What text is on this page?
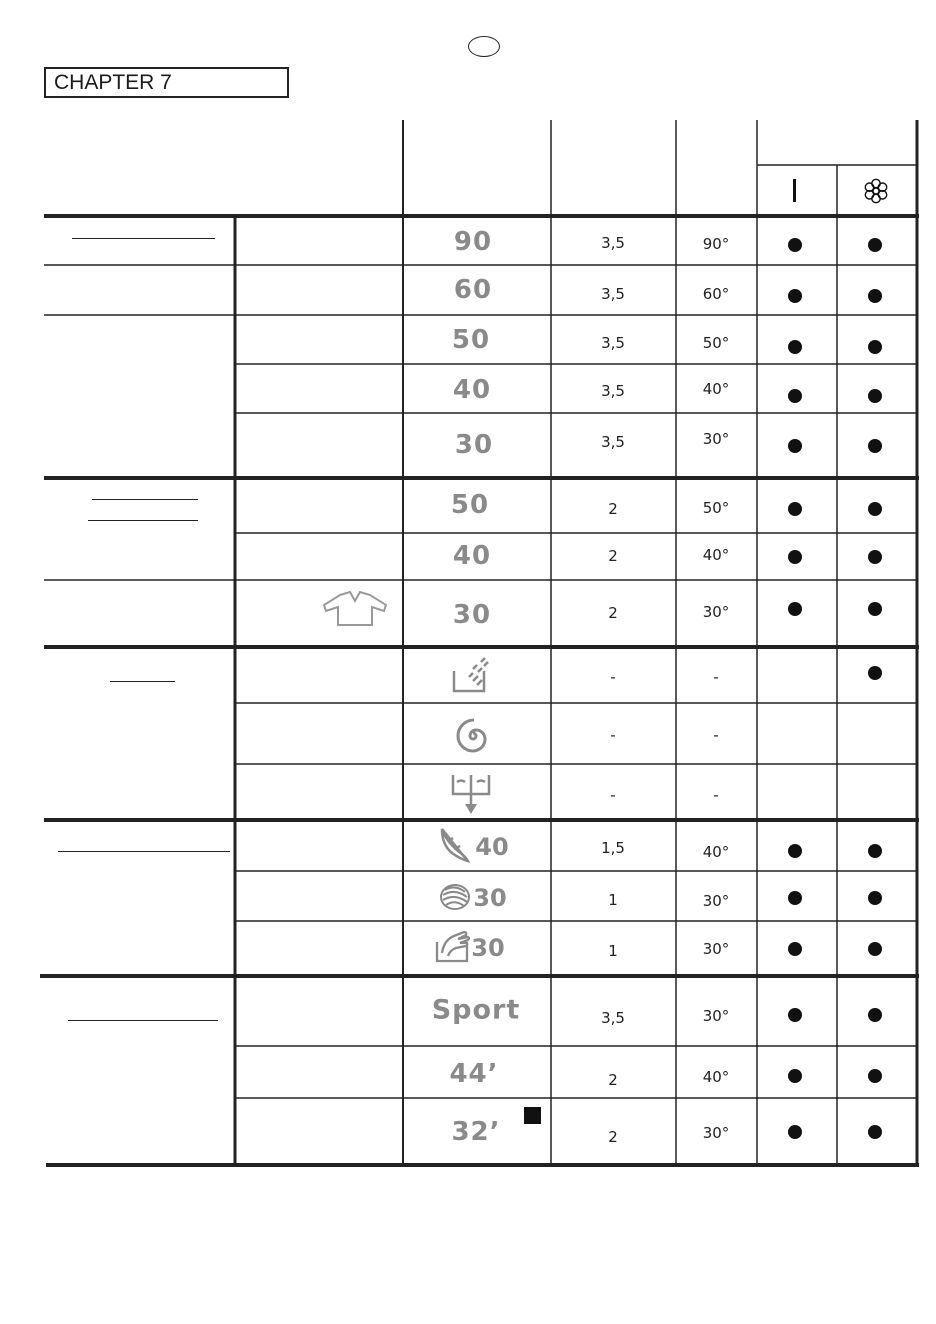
CHAPTER 7
90
60
50
40
30
50
40
30
40
30
30
Sport
44’
32’
3,5
3,5
3,5
3,5
3,5
2
2
2
-
-
-
1,5
1
1
3,5
2
2
90°
60°
50°
40°
30°
50°
40°
30°
-
-
-
40°
30°
30°
30°
40°
30°
